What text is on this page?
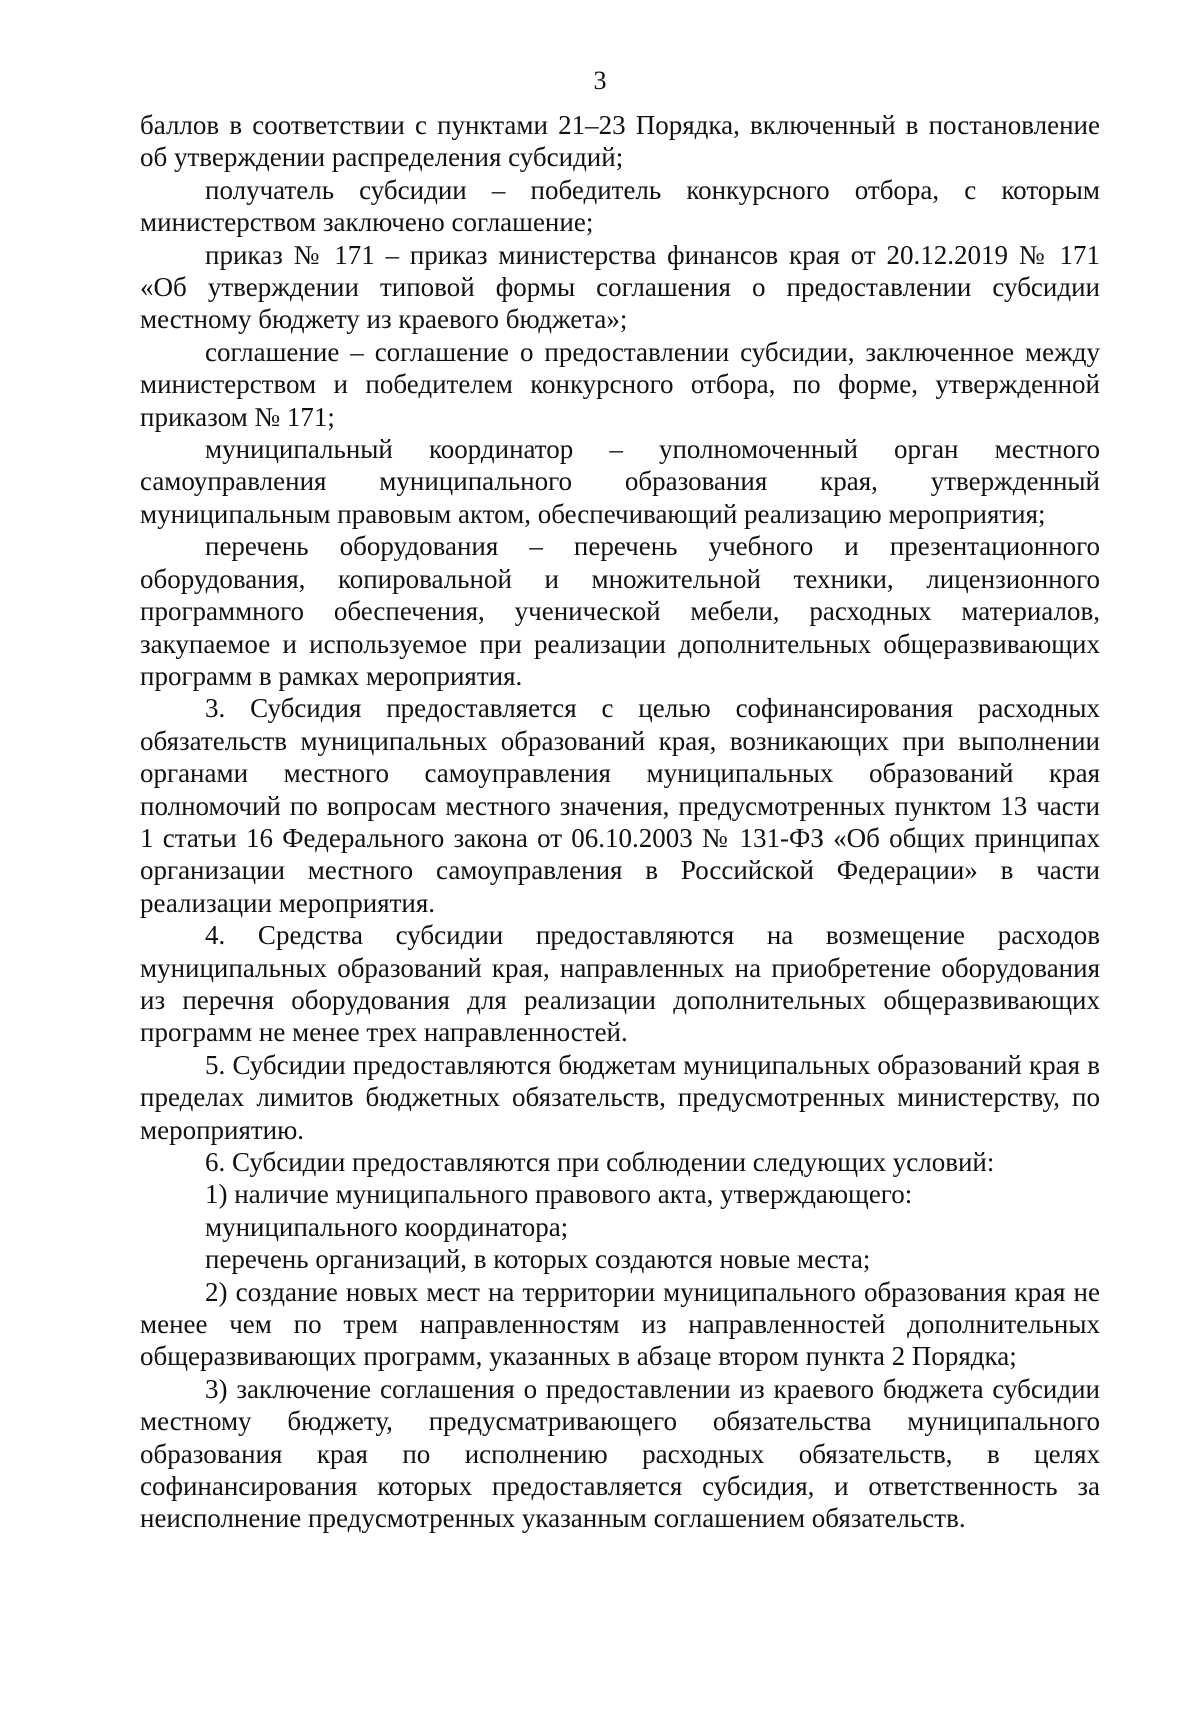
3

баллов в соответствии с пунктами 21–23 Порядка, включенный в постановление об утверждении распределения субсидий;

получатель субсидии – победитель конкурсного отбора, с которым министерством заключено соглашение;

приказ № 171 – приказ министерства финансов края от 20.12.2019 № 171 «Об утверждении типовой формы соглашения о предоставлении субсидии местному бюджету из краевого бюджета»;

соглашение – соглашение о предоставлении субсидии, заключенное между министерством и победителем конкурсного отбора, по форме, утвержденной приказом № 171;

муниципальный координатор – уполномоченный орган местного самоуправления муниципального образования края, утвержденный муниципальным правовым актом, обеспечивающий реализацию мероприятия;

перечень оборудования – перечень учебного и презентационного оборудования, копировальной и множительной техники, лицензионного программного обеспечения, ученической мебели, расходных материалов, закупаемое и используемое при реализации дополнительных общеразвивающих программ в рамках мероприятия.

3. Субсидия предоставляется с целью софинансирования расходных обязательств муниципальных образований края, возникающих при выполнении органами местного самоуправления муниципальных образований края полномочий по вопросам местного значения, предусмотренных пунктом 13 части 1 статьи 16 Федерального закона от 06.10.2003 № 131-ФЗ «Об общих принципах организации местного самоуправления в Российской Федерации» в части реализации мероприятия.

4. Средства субсидии предоставляются на возмещение расходов муниципальных образований края, направленных на приобретение оборудования из перечня оборудования для реализации дополнительных общеразвивающих программ не менее трех направленностей.

5. Субсидии предоставляются бюджетам муниципальных образований края в пределах лимитов бюджетных обязательств, предусмотренных министерству, по мероприятию.

6. Субсидии предоставляются при соблюдении следующих условий:

1) наличие муниципального правового акта, утверждающего:

муниципального координатора;

перечень организаций, в которых создаются новые места;

2) создание новых мест на территории муниципального образования края не менее чем по трем направленностям из направленностей дополнительных общеразвивающих программ, указанных в абзаце втором пункта 2 Порядка;

3) заключение соглашения о предоставлении из краевого бюджета субсидии местному бюджету, предусматривающего обязательства муниципального образования края по исполнению расходных обязательств, в целях софинансирования которых предоставляется субсидия, и ответственность за неисполнение предусмотренных указанным соглашением обязательств.
